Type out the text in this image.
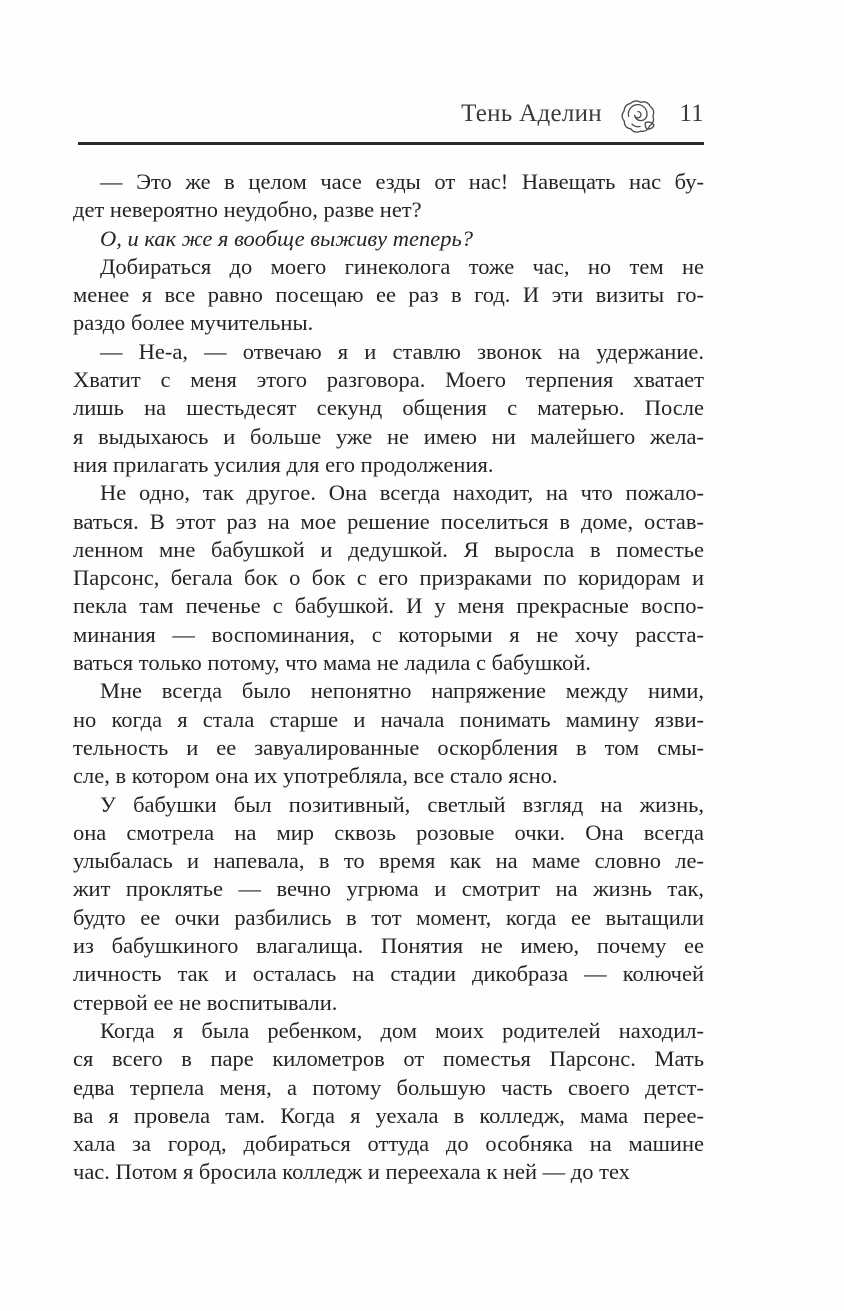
Тень Аделин	11
— Это же в целом часе езды от нас! Навещать нас бу-
дет невероятно неудобно, разве нет?
О, и как же я вообще выживу теперь?
Добираться до моего гинеколога тоже час, но тем не
менее я все равно посещаю ее раз в год. И эти визиты го-
раздо более мучительны.
— Не-а, — отвечаю я и ставлю звонок на удержание.
Хватит с меня этого разговора. Моего терпения хватает
лишь на шестьдесят секунд общения с матерью. После
я выдыхаюсь и больше уже не имею ни малейшего жела-
ния прилагать усилия для его продолжения.
Не одно, так другое. Она всегда находит, на что пожало-
ваться. В этот раз на мое решение поселиться в доме, остав-
ленном мне бабушкой и дедушкой. Я выросла в поместье
Парсонс, бегала бок о бок с его призраками по коридорам и
пекла там печенье с бабушкой. И у меня прекрасные воспо-
минания — воспоминания, с которыми я не хочу расста-
ваться только потому, что мама не ладила с бабушкой.
Мне всегда было непонятно напряжение между ними,
но когда я стала старше и начала понимать мамину язви-
тельность и ее завуалированные оскорбления в том смы-
сле, в котором она их употребляла, все стало ясно.
У бабушки был позитивный, светлый взгляд на жизнь,
она смотрела на мир сквозь розовые очки. Она всегда
улыбалась и напевала, в то время как на маме словно ле-
жит проклятье — вечно угрюма и смотрит на жизнь так,
будто ее очки разбились в тот момент, когда ее вытащили
из бабушкиного влагалища. Понятия не имею, почему ее
личность так и осталась на стадии дикобраза — колючей
стервой ее не воспитывали.
Когда я была ребенком, дом моих родителей находил-
ся всего в паре километров от поместья Парсонс. Мать
едва терпела меня, а потому большую часть своего детст-
ва я провела там. Когда я уехала в колледж, мама перее-
хала за город, добираться оттуда до особняка на машине
час. Потом я бросила колледж и переехала к ней — до тех
